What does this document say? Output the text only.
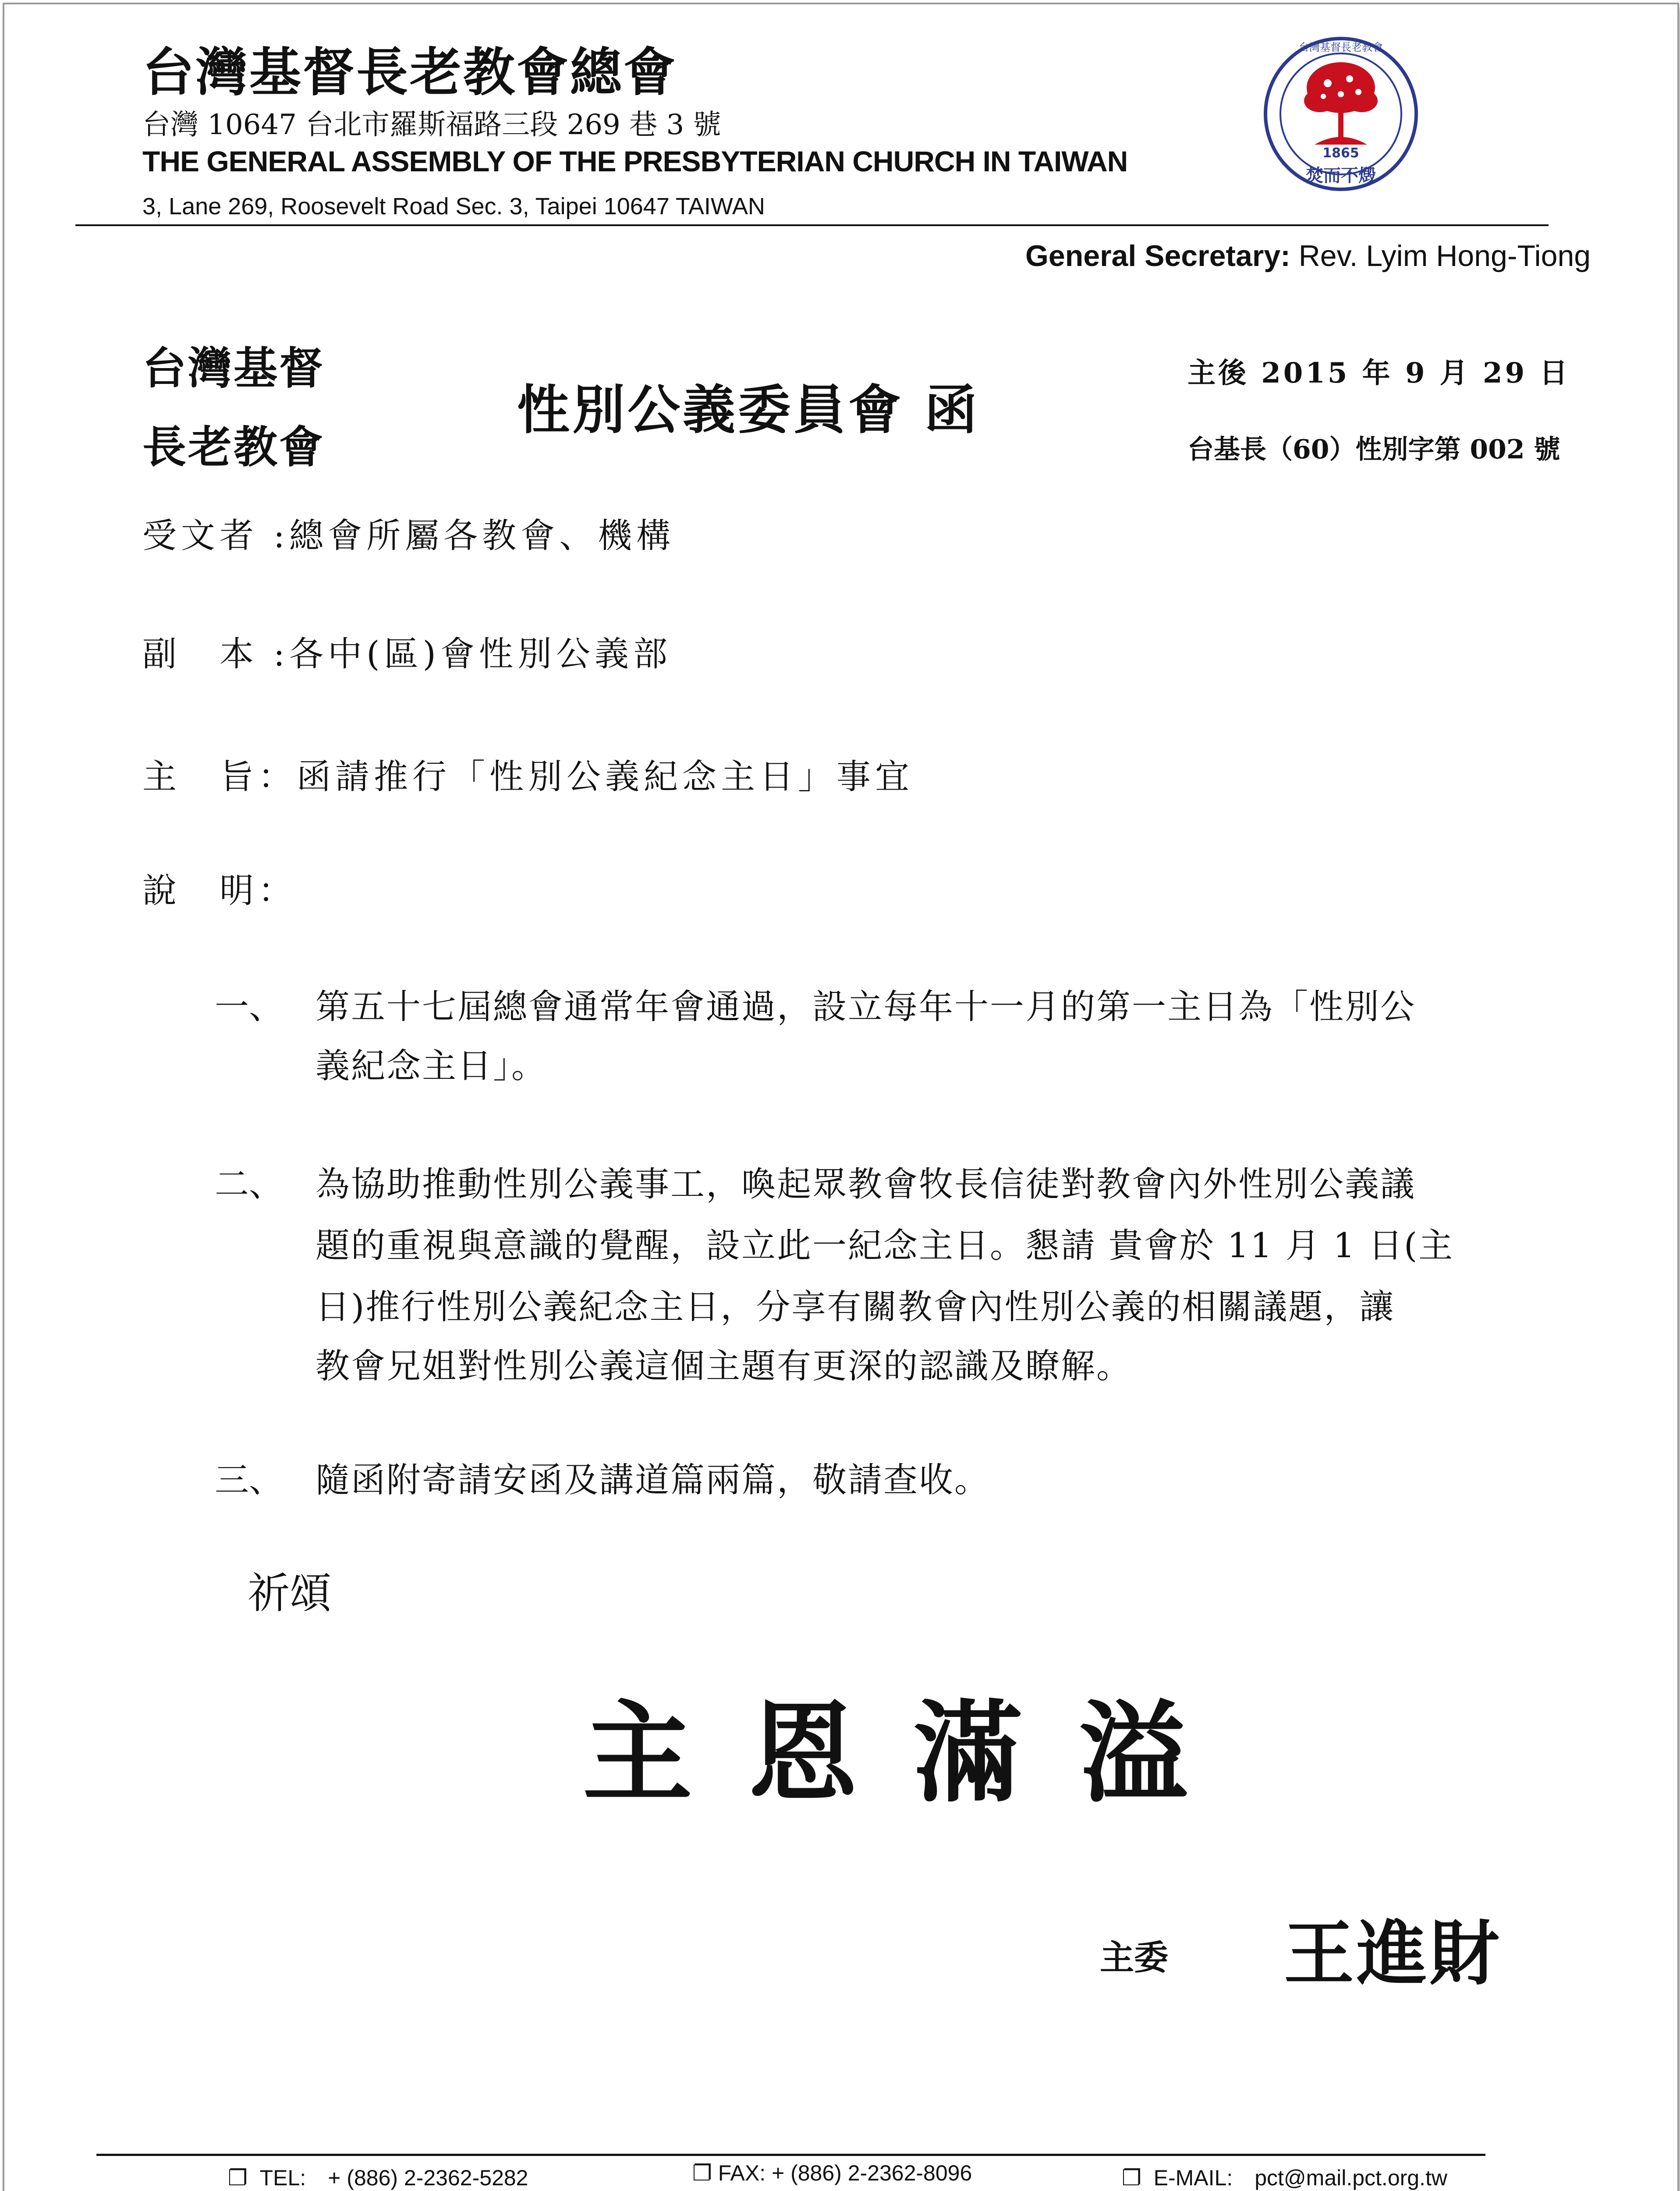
台灣基督長老教會總會
台灣 10647 台北市羅斯福路三段 269 巷 3 號
THE GENERAL ASSEMBLY OF THE PRESBYTERIAN CHURCH IN TAIWAN
3, Lane 269, Roosevelt Road Sec. 3, Taipei 10647 TAIWAN
General Secretary: Rev. Lyim Hong-Tiong
1865
焚而不燬
台灣基督長老教會
台灣基督
長老教會
性別公義委員會 函
主後 2015 年 9 月 29 日
台基長（60）性別字第 002 號
受文者 :總會所屬各教會、機構
副　本 :各中(區)會性別公義部
主　旨：函請推行「性別公義紀念主日」事宜
說　明：
一、 第五十七屆總會通常年會通過，設立每年十一月的第一主日為「性別公
義紀念主日」。
二、 為協助推動性別公義事工，喚起眾教會牧長信徒對教會內外性別公義議
題的重視與意識的覺醒，設立此一紀念主日。懇請 貴會於 11 月 1 日(主
日)推行性別公義紀念主日，分享有關教會內性別公義的相關議題，讓
教會兄姐對性別公義這個主題有更深的認識及瞭解。
三、 隨函附寄請安函及講道篇兩篇，敬請查收。
祈頌
主 恩 滿 溢
主委 王進財
❐ TEL:　+ (886) 2-2362-5282
	❐ FAX: + (886) 2-2362-8096
	❐ E-MAIL:　pct@mail.pct.org.tw
